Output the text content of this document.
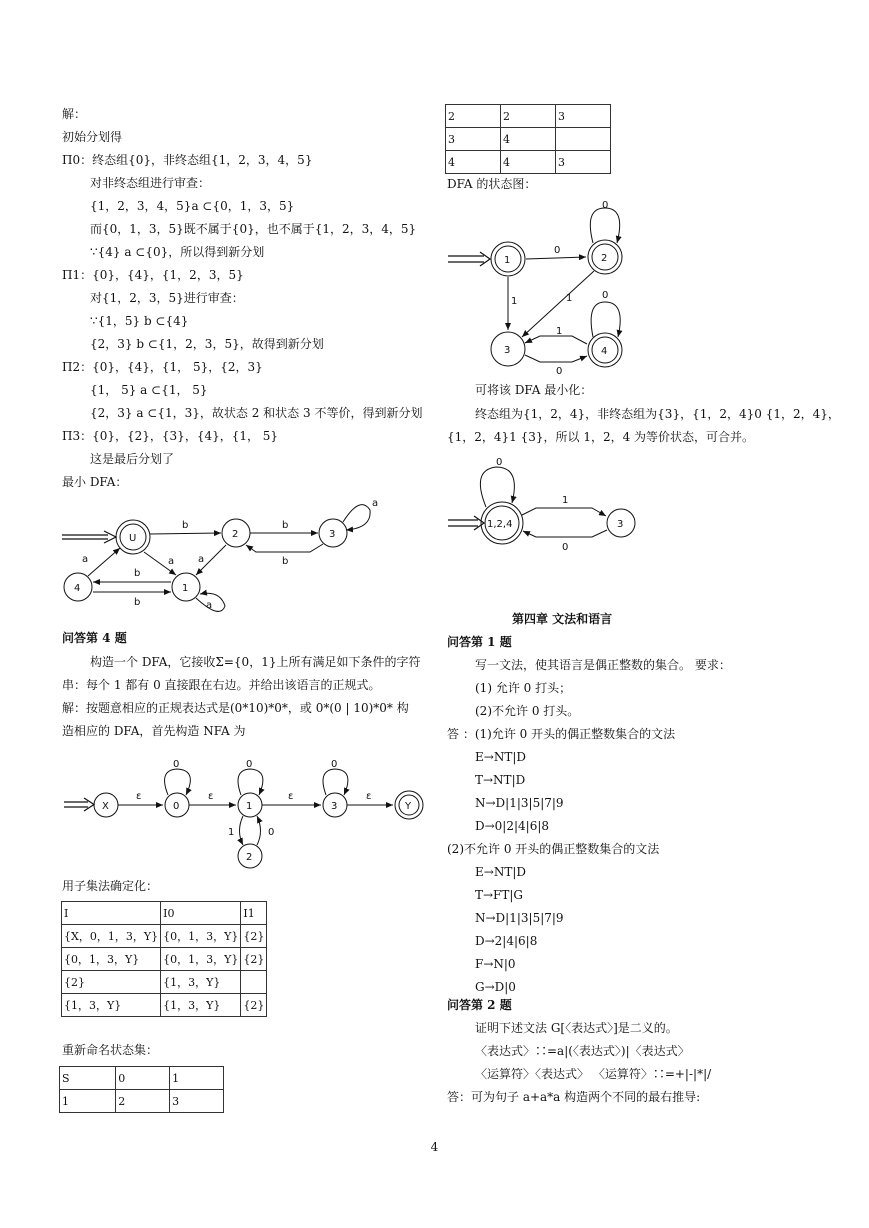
解：
初始分划得
Π0：终态组{0}，非终态组{1，2，3，4，5}
对非终态组进行审查：
{1，2，3，4，5}a ⊂{0，1，3，5}
而{0，1，3，5}既不属于{0}，也不属于{1，2，3，4，5}
∵{4} a ⊂{0}，所以得到新分划
Π1：{0}，{4}，{1，2，3，5}
对{1，2，3，5}进行审查：
∵{1，5} b ⊂{4}
{2，3} b ⊂{1，2，3，5}，故得到新分划
Π2：{0}，{4}，{1， 5}，{2，3}
{1， 5} a ⊂{1， 5}
{2，3} a ⊂{1，3}，故状态 2 和状态 3 不等价，得到新分划
Π3：{0}，{2}，{3}，{4}，{1， 5}
这是最后分划了
最小 DFA：
U	2	3
4	1
b	b
a
b
a a
a
b
b	a
问答第 4 题
构造一个 DFA，它接收Σ={0，1}上所有满足如下条件的字符
串：每个 1 都有 0 直接跟在右边。并给出该语言的正规式。
解：按题意相应的正规表达式是(0*10)*0*，或 0*(0 | 10)*0* 构
造相应的 DFA，首先构造 NFA 为
X	0	1	3	Y
2
ε	ε	ε	ε
0	0	0
1	0
用子集法确定化：
I	I0	I1
{X，0，1，3，Y}	{0，1，3，Y}	{2}
{0，1，3，Y}	{0，1，3，Y}	{2}
{2}	{1，3，Y}	
{1，3，Y}	{1，3，Y}	{2}
重新命名状态集：
S	0	1
1	2	3
2	2	3
3	4	
4	4	3
DFA 的状态图：
1	2
3	4
0
0
1	1	0
1
0
可将该 DFA 最小化：
终态组为{1，2，4}，非终态组为{3}，{1，2，4}0 {1，2，4}，
{1，2，4}1 {3}，所以 1，2，4 为等价状态，可合并。
1,2,4	3
0
1
0
第四章 文法和语言
问答第 1 题
写一文法，使其语言是偶正整数的集合。 要求：
(1) 允许 0 打头；
(2)不允许 0 打头。
答 ：(1)允许 0 开头的偶正整数集合的文法
E→NT|D
T→NT|D
N→D|1|3|5|7|9
D→0|2|4|6|8
(2)不允许 0 开头的偶正整数集合的文法
E→NT|D
T→FT|G
N→D|1|3|5|7|9
D→2|4|6|8
F→N|0
G→D|0
问答第 2 题
证明下述文法 G[〈表达式〉]是二义的。
〈表达式〉∷=a|(〈表达式〉)|〈表达式〉
〈运算符〉〈表达式〉 〈运算符〉∷=+|-|*|/
答：可为句子 a+a*a 构造两个不同的最右推导:
4
